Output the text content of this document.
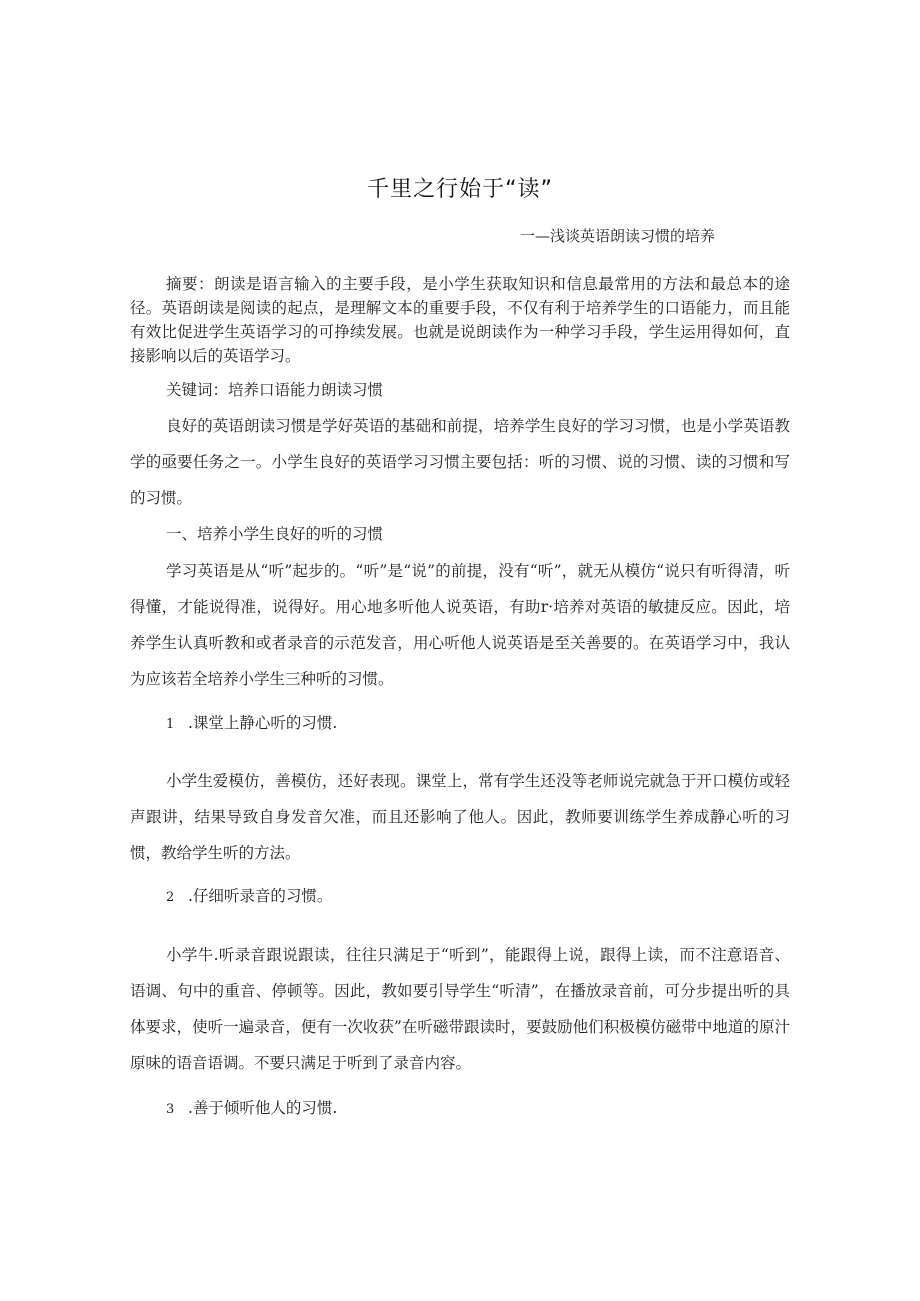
千里之行始于“读”
一—浅谈英语朗读习惯的培养

摘要：朗读是语言输入的主要手段，是小学生获取知识和信息最常用的方法和最总本的途径。英语朗读是阅读的起点，是理解文本的重要手段，不仅有利于培养学生的口语能力，而且能有效比促进学生英语学习的可挣续发展。也就是说朗读作为一种学习手段，学生运用得如何，直接影响以后的英语学习。

关键词：培养口语能力朗读习惯

良好的英语朗读习惯是学好英语的基础和前提，培养学生良好的学习习惯，也是小学英语教学的亟要任务之一。小学生良好的英语学习习惯主要包括：听的习惯、说的习惯、读的习惯和写的习惯。

一、培养小学生良好的听的习惯

学习英语是从“听”起步的。“听”是“说”的前提，没有“听”，就无从模仿“说只有听得清，听得懂，才能说得准，说得好。用心地多听他人说英语，有助r·培养对英语的敏捷反应。因此，培养学生认真听教和或者录音的示范发音，用心听他人说英语是至关善要的。在英语学习中，我认为应该若全培养小学生三种听的习惯。

1 .课堂上静心听的习惯.

小学生爱模仿，善模仿，还好表现。课堂上，常有学生还没等老师说完就急于开口模仿或轻声跟讲，结果导致自身发音欠准，而且还影响了他人。因此，教师要训练学生养成静心听的习惯，教给学生听的方法。

2 .仔细听录音的习惯。

小学牛.听录音跟说跟读，往往只满足于“听到”，能跟得上说，跟得上读，而不注意语音、语调、句中的重音、停顿等。因此，教如要引导学生“听清”，在播放录音前，可分步提出听的具体要求，使听一遍录音，便有一次收获”在听磁带跟读时，要鼓励他们积极模仿磁带中地道的原汁原味的语音语调。不要只满足于听到了录音内容。

3 .善于倾听他人的习惯.
